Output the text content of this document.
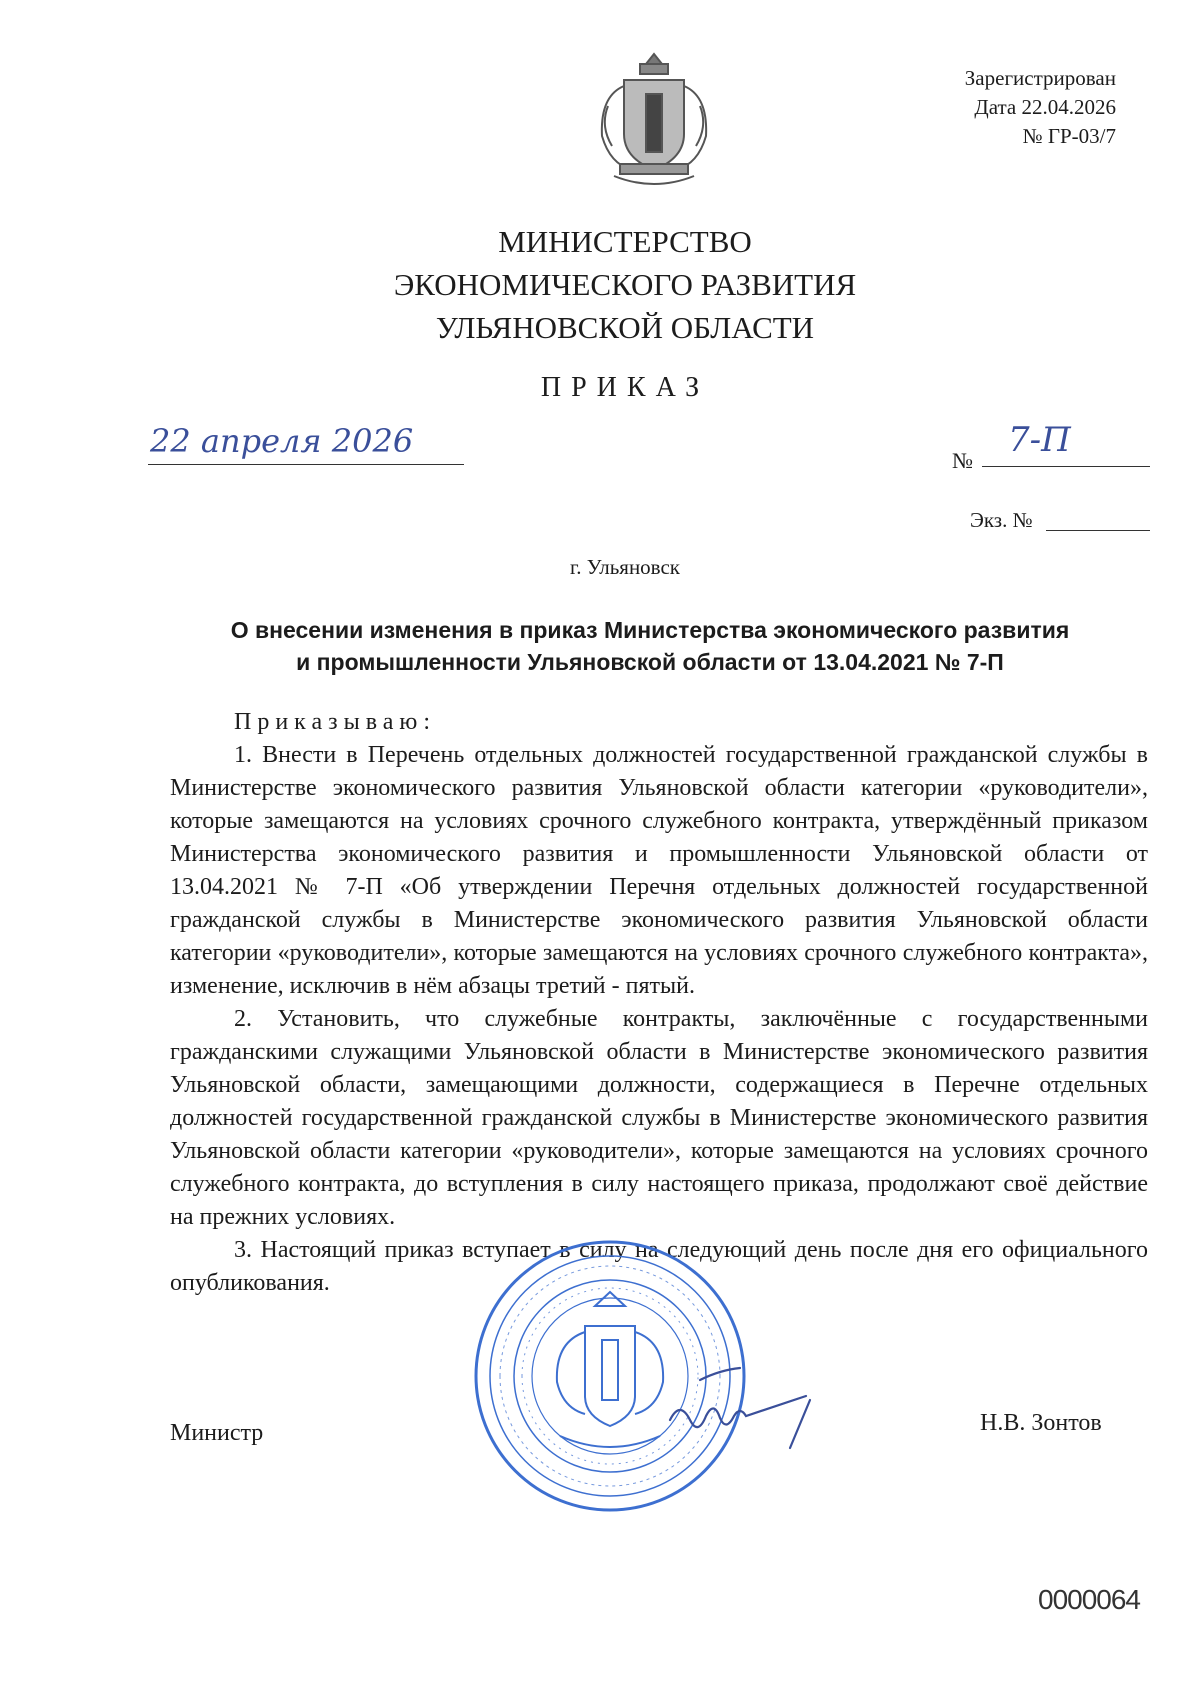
Зарегистрирован
Дата 22.04.2026
№ ГР-03/7
МИНИСТЕРСТВО
ЭКОНОМИЧЕСКОГО РАЗВИТИЯ
УЛЬЯНОВСКОЙ ОБЛАСТИ
ПРИКАЗ
22 апреля 2026
№
7-П
Экз. №
г. Ульяновск
О внесении изменения в приказ Министерства экономического развития
и промышленности Ульяновской области от 13.04.2021 № 7-П

Приказываю:

1. Внести в Перечень отдельных должностей государственной гражданской службы в Министерстве экономического развития Ульяновской области категории «руководители», которые замещаются на условиях срочного служебного контракта, утверждённый приказом Министерства экономического развития и промышленности Ульяновской области от 13.04.2021 № 7-П «Об утверждении Перечня отдельных должностей государственной гражданской службы в Министерстве экономического развития Ульяновской области категории «руководители», которые замещаются на условиях срочного служебного контракта», изменение, исключив в нём абзацы третий - пятый.

2. Установить, что служебные контракты, заключённые с государственными гражданскими служащими Ульяновской области в Министерстве экономического развития Ульяновской области, замещающими должности, содержащиеся в Перечне отдельных должностей государственной гражданской службы в Министерстве экономического развития Ульяновской области категории «руководители», которые замещаются на условиях срочного служебного контракта, до вступления в силу настоящего приказа, продолжают своё действие на прежних условиях.

3. Настоящий приказ вступает в силу на следующий день после дня его официального опубликования.

Министр	Н.В. Зонтов
0000064
